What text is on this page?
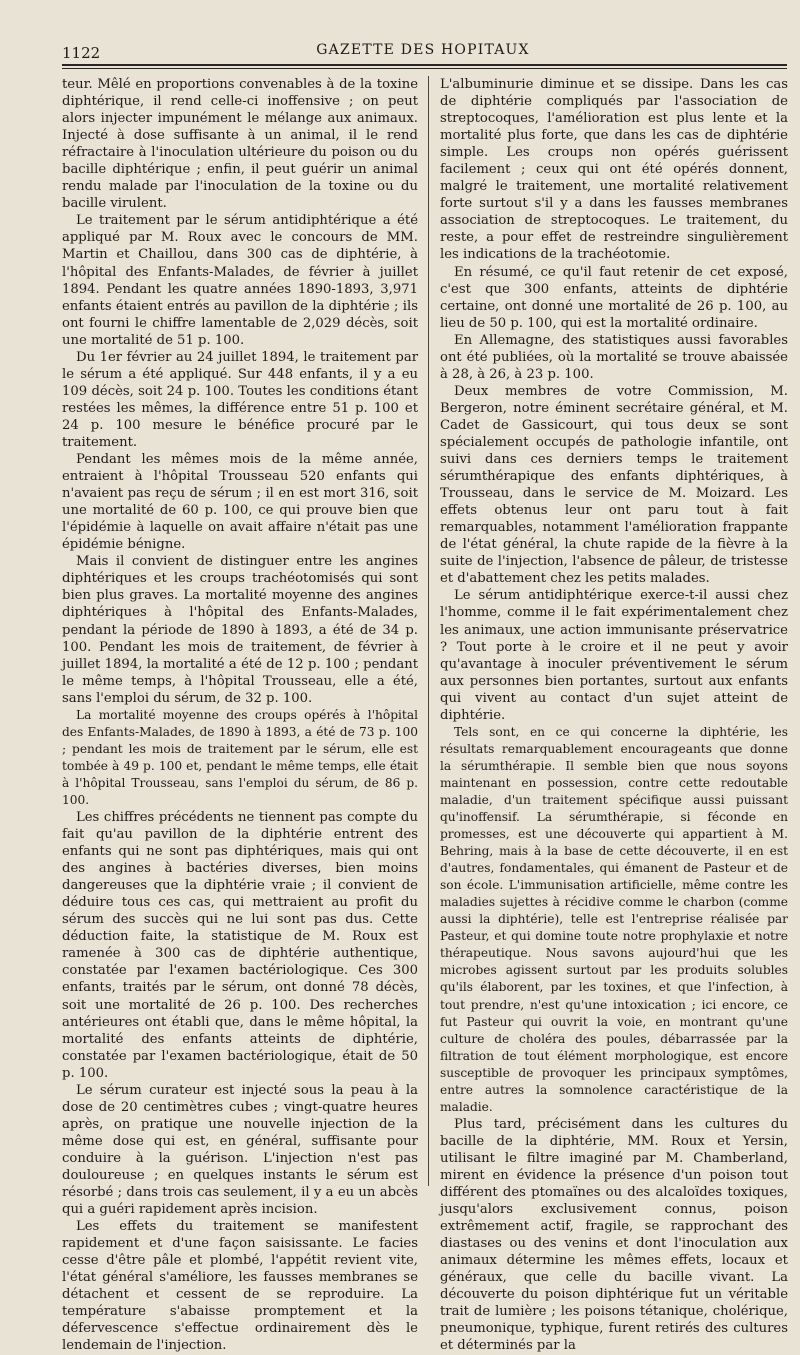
1122	GAZETTE DES HOPITAUX

teur. Mêlé en proportions convenables à de la toxine diphtérique, il rend celle-ci inoffensive ; on peut alors injecter impunément le mélange aux animaux. Injecté à dose suffisante à un animal, il le rend réfractaire à l'inoculation ultérieure du poison ou du bacille diphtérique ; enfin, il peut guérir un animal rendu malade par l'inoculation de la toxine ou du bacille virulent.

Le traitement par le sérum antidiphtérique a été appliqué par M. Roux avec le concours de MM. Martin et Chaillou, dans 300 cas de diphtérie, à l'hôpital des Enfants-Malades, de février à juillet 1894. Pendant les quatre années 1890-1893, 3,971 enfants étaient entrés au pavillon de la diphtérie ; ils ont fourni le chiffre lamentable de 2,029 décès, soit une mortalité de 51 p. 100.

Du 1er février au 24 juillet 1894, le traitement par le sérum a été appliqué. Sur 448 enfants, il y a eu 109 décès, soit 24 p. 100. Toutes les conditions étant restées les mêmes, la différence entre 51 p. 100 et 24 p. 100 mesure le bénéfice procuré par le traitement.

Pendant les mêmes mois de la même année, entraient à l'hôpital Trousseau 520 enfants qui n'avaient pas reçu de sérum ; il en est mort 316, soit une mortalité de 60 p. 100, ce qui prouve bien que l'épidémie à laquelle on avait affaire n'était pas une épidémie bénigne.

Mais il convient de distinguer entre les angines diphtériques et les croups trachéotomisés qui sont bien plus graves. La mortalité moyenne des angines diphtériques à l'hôpital des Enfants-Malades, pendant la période de 1890 à 1893, a été de 34 p. 100. Pendant les mois de traitement, de février à juillet 1894, la mortalité a été de 12 p. 100 ; pendant le même temps, à l'hôpital Trousseau, elle a été, sans l'emploi du sérum, de 32 p. 100.

La mortalité moyenne des croups opérés à l'hôpital des Enfants-Malades, de 1890 à 1893, a été de 73 p. 100 ; pendant les mois de traitement par le sérum, elle est tombée à 49 p. 100 et, pendant le même temps, elle était à l'hôpital Trousseau, sans l'emploi du sérum, de 86 p. 100.

Les chiffres précédents ne tiennent pas compte du fait qu'au pavillon de la diphtérie entrent des enfants qui ne sont pas diphtériques, mais qui ont des angines à bactéries diverses, bien moins dangereuses que la diphtérie vraie ; il convient de déduire tous ces cas, qui mettraient au profit du sérum des succès qui ne lui sont pas dus. Cette déduction faite, la statistique de M. Roux est ramenée à 300 cas de diphtérie authentique, constatée par l'examen bactériologique. Ces 300 enfants, traités par le sérum, ont donné 78 décès, soit une mortalité de 26 p. 100. Des recherches antérieures ont établi que, dans le même hôpital, la mortalité des enfants atteints de diphtérie, constatée par l'examen bactériologique, était de 50 p. 100.

Le sérum curateur est injecté sous la peau à la dose de 20 centimètres cubes ; vingt-quatre heures après, on pratique une nouvelle injection de la même dose qui est, en général, suffisante pour conduire à la guérison. L'injection n'est pas douloureuse ; en quelques instants le sérum est résorbé ; dans trois cas seulement, il y a eu un abcès qui a guéri rapidement après incision.

Les effets du traitement se manifestent rapidement et d'une façon saisissante. Le facies cesse d'être pâle et plombé, l'appétit revient vite, l'état général s'améliore, les fausses membranes se détachent et cessent de se reproduire. La température s'abaisse promptement et la défervescence s'effectue ordinairement dès le lendemain de l'injection.

L'albuminurie diminue et se dissipe. Dans les cas de diphtérie compliqués par l'association de streptocoques, l'amélioration est plus lente et la mortalité plus forte, que dans les cas de diphtérie simple. Les croups non opérés guérissent facilement ; ceux qui ont été opérés donnent, malgré le traitement, une mortalité relativement forte surtout s'il y a dans les fausses membranes association de streptocoques. Le traitement, du reste, a pour effet de restreindre singulièrement les indications de la trachéotomie.

En résumé, ce qu'il faut retenir de cet exposé, c'est que 300 enfants, atteints de diphtérie certaine, ont donné une mortalité de 26 p. 100, au lieu de 50 p. 100, qui est la mortalité ordinaire.

En Allemagne, des statistiques aussi favorables ont été publiées, où la mortalité se trouve abaissée à 28, à 26, à 23 p. 100.

Deux membres de votre Commission, M. Bergeron, notre éminent secrétaire général, et M. Cadet de Gassicourt, qui tous deux se sont spécialement occupés de pathologie infantile, ont suivi dans ces derniers temps le traitement sérumthérapique des enfants diphtériques, à Trousseau, dans le service de M. Moizard. Les effets obtenus leur ont paru tout à fait remarquables, notamment l'amélioration frappante de l'état général, la chute rapide de la fièvre à la suite de l'injection, l'absence de pâleur, de tristesse et d'abattement chez les petits malades.

Le sérum antidiphtérique exerce-t-il aussi chez l'homme, comme il le fait expérimentalement chez les animaux, une action immunisante préservatrice ? Tout porte à le croire et il ne peut y avoir qu'avantage à inoculer préventivement le sérum aux personnes bien portantes, surtout aux enfants qui vivent au contact d'un sujet atteint de diphtérie.

Tels sont, en ce qui concerne la diphtérie, les résultats remarquablement encourageants que donne la sérumthérapie. Il semble bien que nous soyons maintenant en possession, contre cette redoutable maladie, d'un traitement spécifique aussi puissant qu'inoffensif. La sérumthérapie, si féconde en promesses, est une découverte qui appartient à M. Behring, mais à la base de cette découverte, il en est d'autres, fondamentales, qui émanent de Pasteur et de son école. L'immunisation artificielle, même contre les maladies sujettes à récidive comme le charbon (comme aussi la diphtérie), telle est l'entreprise réalisée par Pasteur, et qui domine toute notre prophylaxie et notre thérapeutique. Nous savons aujourd'hui que les microbes agissent surtout par les produits solubles qu'ils élaborent, par les toxines, et que l'infection, à tout prendre, n'est qu'une intoxication ; ici encore, ce fut Pasteur qui ouvrit la voie, en montrant qu'une culture de choléra des poules, débarrassée par la filtration de tout élément morphologique, est encore susceptible de provoquer les principaux symptômes, entre autres la somnolence caractéristique de la maladie.

Plus tard, précisément dans les cultures du bacille de la diphtérie, MM. Roux et Yersin, utilisant le filtre imaginé par M. Chamberland, mirent en évidence la présence d'un poison tout différent des ptomaïnes ou des alcaloïdes toxiques, jusqu'alors exclusivement connus, poison extrêmement actif, fragile, se rapprochant des diastases ou des venins et dont l'inoculation aux animaux détermine les mêmes effets, locaux et généraux, que celle du bacille vivant. La découverte du poison diphtérique fut un véritable trait de lumière ; les poisons tétanique, cholérique, pneumonique, typhique, furent retirés des cultures et déterminés par la
